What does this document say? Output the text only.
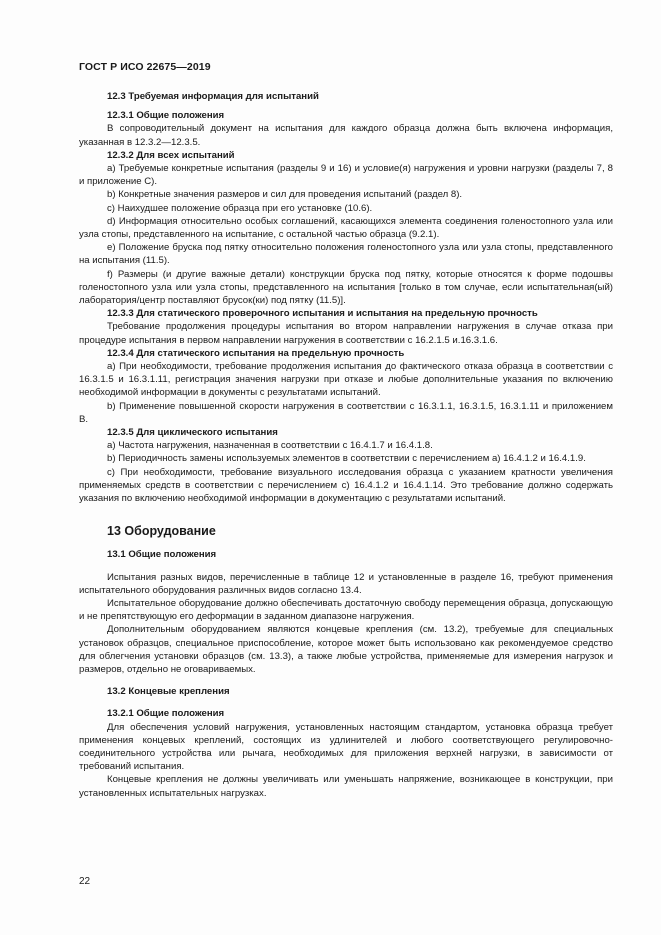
ГОСТ Р ИСО 22675—2019

12.3 Требуемая информация для испытаний

12.3.1 Общие положения

В сопроводительный документ на испытания для каждого образца должна быть включена информация, указанная в 12.3.2—12.3.5.

12.3.2 Для всех испытаний

а) Требуемые конкретные испытания (разделы 9 и 16) и условие(я) нагружения и уровни нагрузки (разделы 7, 8 и приложение С).

b) Конкретные значения размеров и сил для проведения испытаний (раздел 8).

c) Наихудшее положение образца при его установке (10.6).

d) Информация относительно особых соглашений, касающихся элемента соединения голеностопного узла или узла стопы, представленного на испытание, с остальной частью образца (9.2.1).

e) Положение бруска под пятку относительно положения голеностопного узла или узла стопы, представленного на испытания (11.5).

f) Размеры (и другие важные детали) конструкции бруска под пятку, которые относятся к форме подошвы голеностопного узла или узла стопы, представленного на испытания [только в том случае, если испытательная(ый) лаборатория/центр поставляют брусок(ки) под пятку (11.5)].

12.3.3 Для статического проверочного испытания и испытания на предельную прочность

Требование продолжения процедуры испытания во втором направлении нагружения в случае отказа при процедуре испытания в первом направлении нагружения в соответствии с 16.2.1.5 и.16.3.1.6.

12.3.4 Для статического испытания на предельную прочность

а) При необходимости, требование продолжения испытания до фактического отказа образца в соответствии с 16.3.1.5 и 16.3.1.11, регистрация значения нагрузки при отказе и любые дополнительные указания по включению необходимой информации в документы с результатами испытаний.

b) Применение повышенной скорости нагружения в соответствии с 16.3.1.1, 16.3.1.5, 16.3.1.11 и приложением В.

12.3.5 Для циклического испытания

а) Частота нагружения, назначенная в соответствии с 16.4.1.7 и 16.4.1.8.

b) Периодичность замены используемых элементов в соответствии с перечислением а) 16.4.1.2 и 16.4.1.9.

c) При необходимости, требование визуального исследования образца с указанием кратности увеличения применяемых средств в соответствии с перечислением с) 16.4.1.2 и 16.4.1.14. Это требование должно содержать указания по включению необходимой информации в документацию с результатами испытаний.

13 Оборудование

13.1 Общие положения

Испытания разных видов, перечисленные в таблице 12 и установленные в разделе 16, требуют применения испытательного оборудования различных видов согласно 13.4.

Испытательное оборудование должно обеспечивать достаточную свободу перемещения образца, допускающую и не препятствующую его деформации в заданном диапазоне нагружения.

Дополнительным оборудованием являются концевые крепления (см. 13.2), требуемые для специальных установок образцов, специальное приспособление, которое может быть использовано как рекомендуемое средство для облегчения установки образцов (см. 13.3), а также любые устройства, применяемые для измерения нагрузок и размеров, отдельно не оговариваемых.

13.2 Концевые крепления

13.2.1 Общие положения

Для обеспечения условий нагружения, установленных настоящим стандартом, установка образца требует применения концевых креплений, состоящих из удлинителей и любого соответствующего регулировочно-соединительного устройства или рычага, необходимых для приложения верхней нагрузки, в зависимости от требований испытания.

Концевые крепления не должны увеличивать или уменьшать напряжение, возникающее в конструкции, при установленных испытательных нагрузках.

22
